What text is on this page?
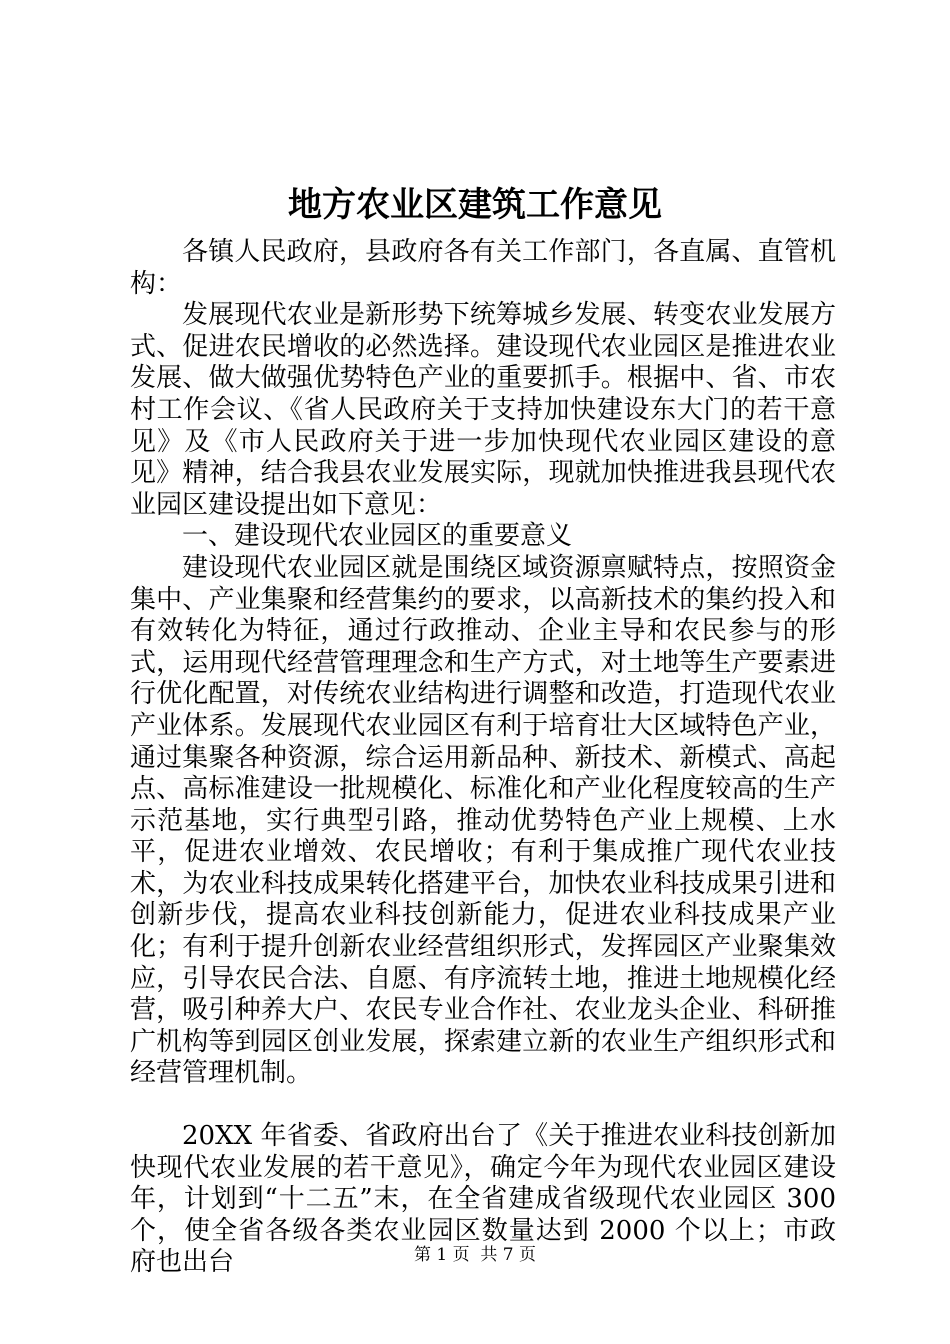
地方农业区建筑工作意见

各镇人民政府，县政府各有关工作部门，各直属、直管机构：

发展现代农业是新形势下统筹城乡发展、转变农业发展方式、促进农民增收的必然选择。建设现代农业园区是推进农业发展、做大做强优势特色产业的重要抓手。根据中、省、市农村工作会议、《省人民政府关于支持加快建设东大门的若干意见》及《市人民政府关于进一步加快现代农业园区建设的意见》精神，结合我县农业发展实际，现就加快推进我县现代农业园区建设提出如下意见：

一、建设现代农业园区的重要意义

建设现代农业园区就是围绕区域资源禀赋特点，按照资金集中、产业集聚和经营集约的要求，以高新技术的集约投入和有效转化为特征，通过行政推动、企业主导和农民参与的形式，运用现代经营管理理念和生产方式，对土地等生产要素进行优化配置，对传统农业结构进行调整和改造，打造现代农业产业体系。发展现代农业园区有利于培育壮大区域特色产业，通过集聚各种资源，综合运用新品种、新技术、新模式、高起点、高标准建设一批规模化、标准化和产业化程度较高的生产示范基地，实行典型引路，推动优势特色产业上规模、上水平，促进农业增效、农民增收；有利于集成推广现代农业技术，为农业科技成果转化搭建平台，加快农业科技成果引进和创新步伐，提高农业科技创新能力，促进农业科技成果产业化；有利于提升创新农业经营组织形式，发挥园区产业聚集效应，引导农民合法、自愿、有序流转土地，推进土地规模化经营，吸引种养大户、农民专业合作社、农业龙头企业、科研推广机构等到园区创业发展，探索建立新的农业生产组织形式和经营管理机制。

20XX 年省委、省政府出台了《关于推进农业科技创新加快现代农业发展的若干意见》，确定今年为现代农业园区建设年，计划到“十二五”末，在全省建成省级现代农业园区 300 个，使全省各级各类农业园区数量达到 2000 个以上；市政府也出台	第 1 页 共 7 页
